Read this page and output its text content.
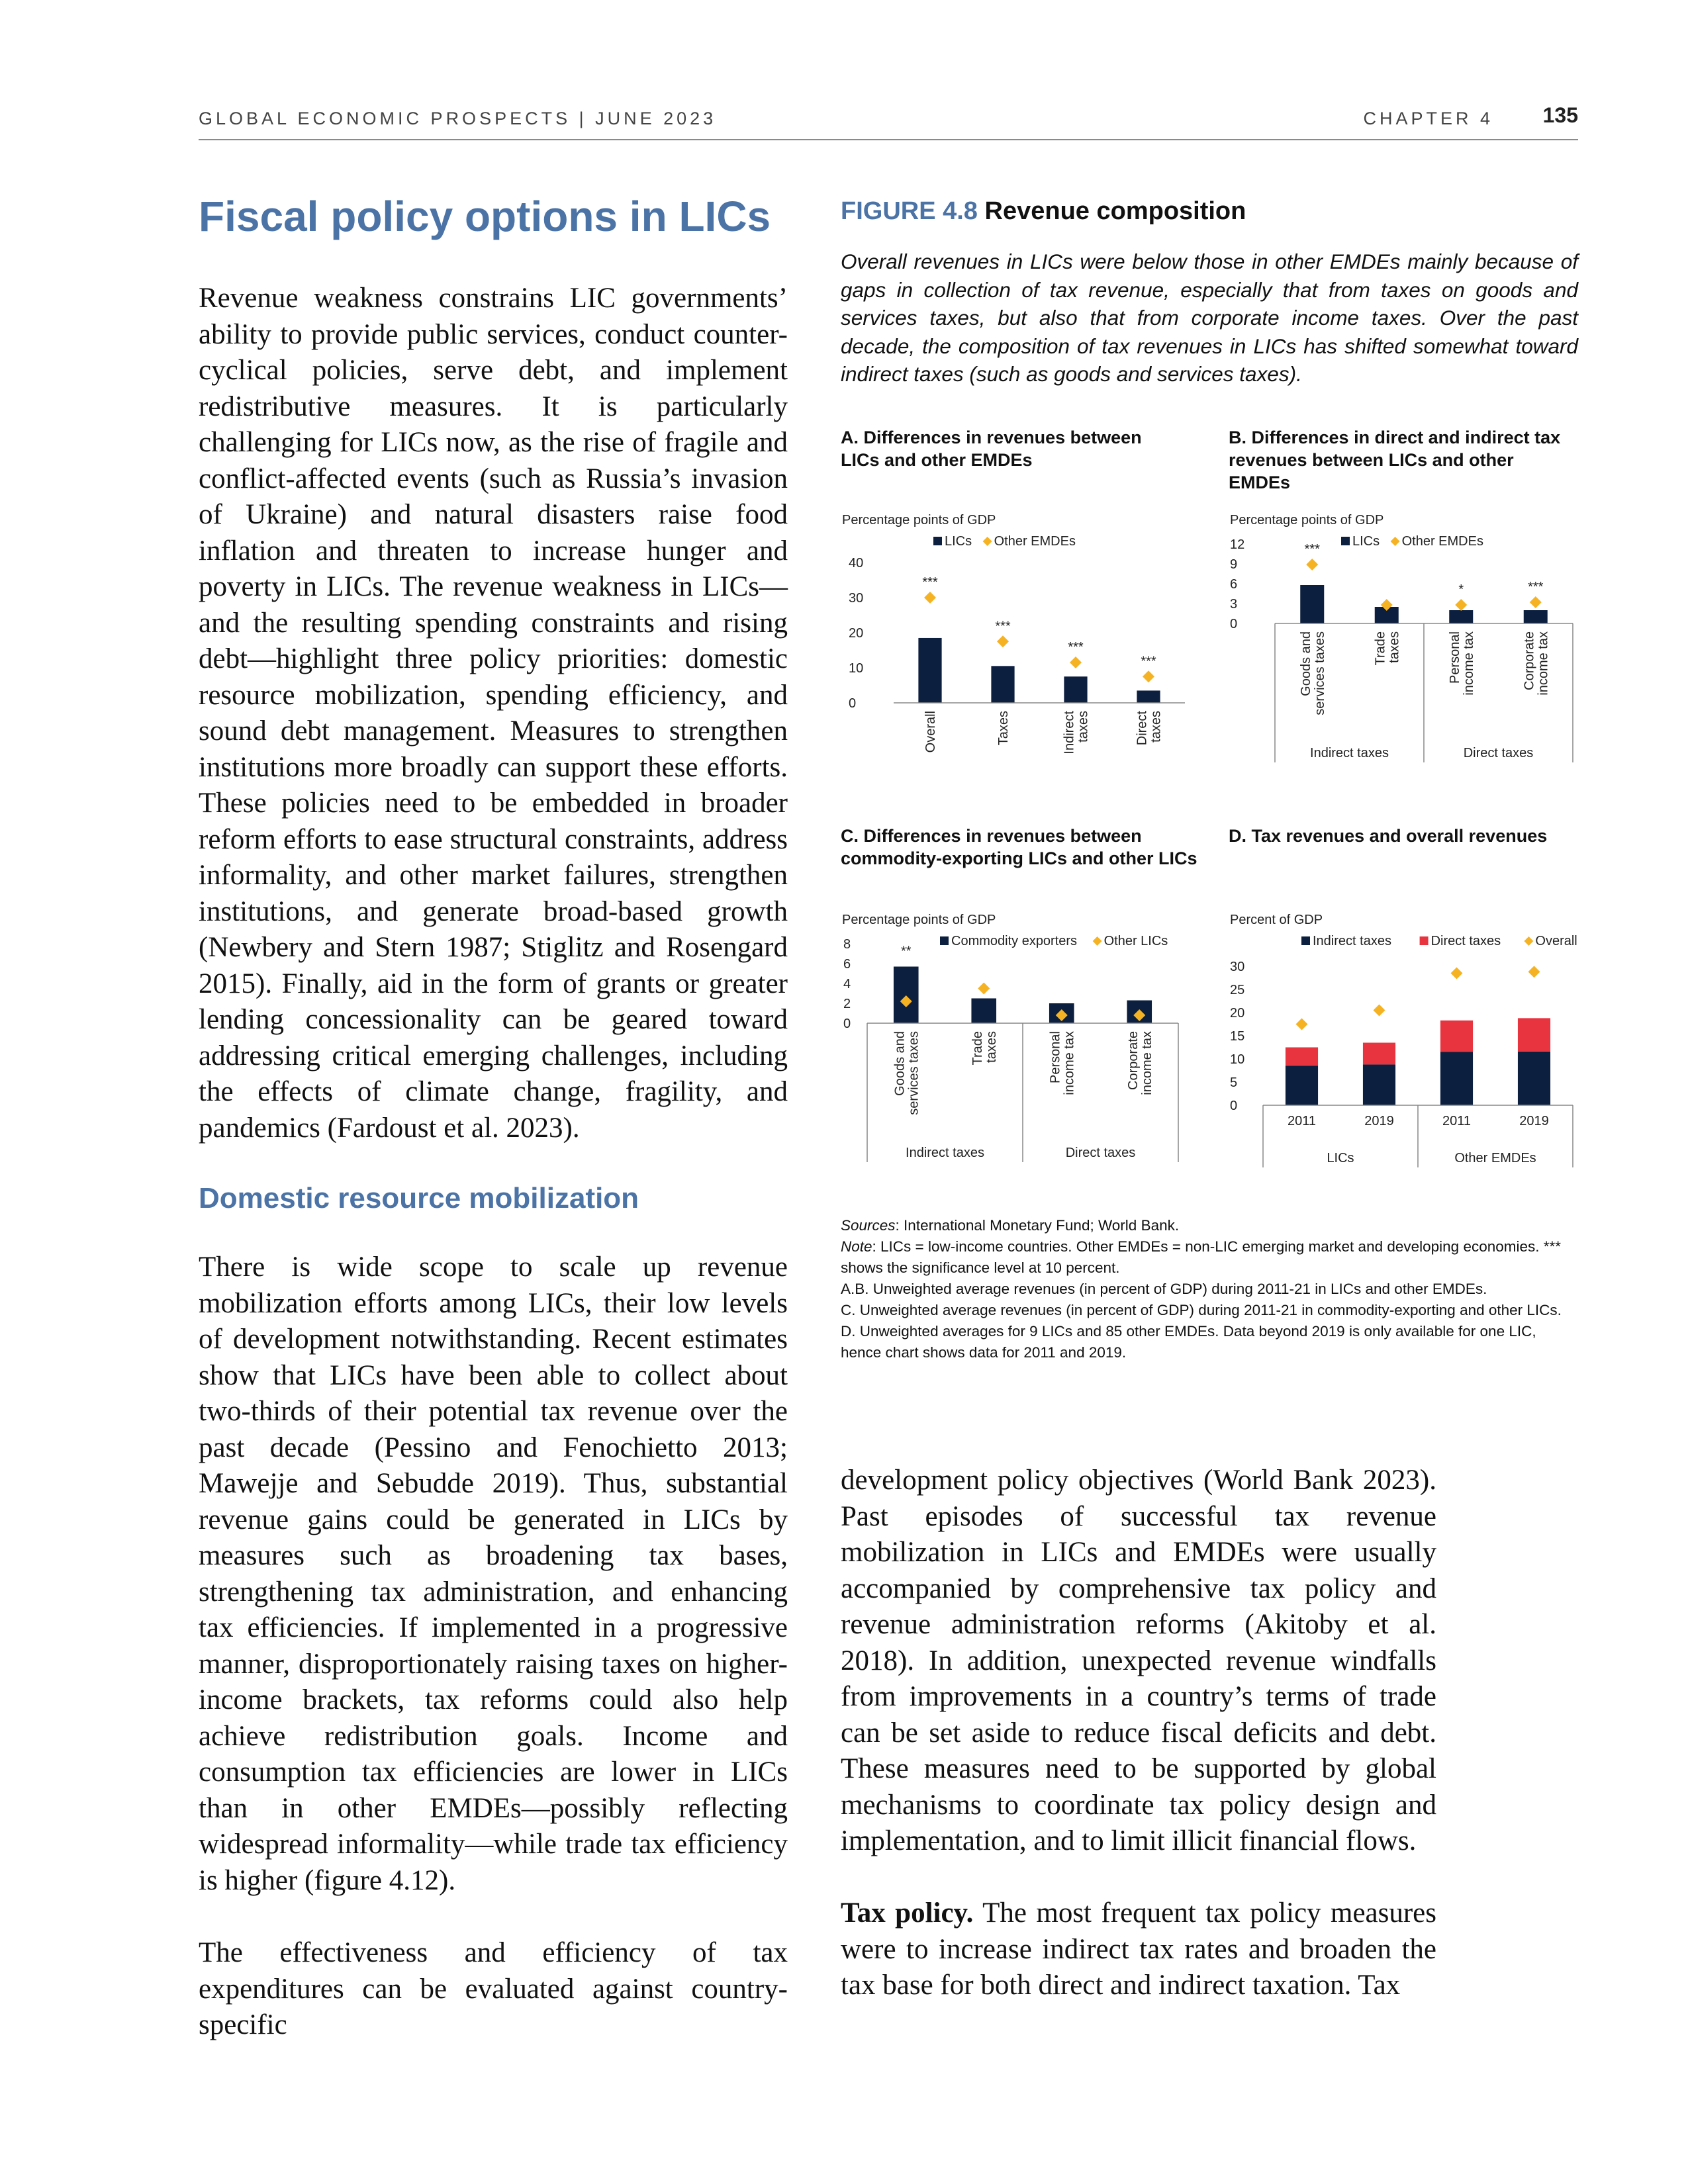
GLOBAL ECONOMIC PROSPECTS | JUNE 2023	CHAPTER 4 135
Fiscal policy options in LICs

Revenue weakness constrains LIC governments’ ability to provide public services, conduct counter-cyclical policies, serve debt, and implement redistributive measures. It is particularly challenging for LICs now, as the rise of fragile and conflict-affected events (such as Russia’s invasion of Ukraine) and natural disasters raise food inflation and threaten to increase hunger and poverty in LICs. The revenue weakness in LICs—and the resulting spending constraints and rising debt—highlight three policy priorities: domestic resource mobilization, spending efficiency, and sound debt management. Measures to strengthen institutions more broadly can support these efforts. These policies need to be embedded in broader reform efforts to ease structural constraints, address informality, and other market failures, strengthen institutions, and generate broad-based growth (Newbery and Stern 1987; Stiglitz and Rosengard 2015). Finally, aid in the form of grants or greater lending concessionality can be geared toward addressing critical emerging challenges, including the effects of climate change, fragility, and pandemics (Fardoust et al. 2023).

Domestic resource mobilization

There is wide scope to scale up revenue mobilization efforts among LICs, their low levels of development notwithstanding. Recent estimates show that LICs have been able to collect about two-thirds of their potential tax revenue over the past decade (Pessino and Fenochietto 2013; Mawejje and Sebudde 2019). Thus, substantial revenue gains could be generated in LICs by measures such as broadening tax bases, strengthening tax administration, and enhancing tax efficiencies. If implemented in a progressive manner, disproportionately raising taxes on higher-income brackets, tax reforms could also help achieve redistribution goals. Income and consumption tax efficiencies are lower in LICs than in other EMDEs—possibly reflecting widespread informality—while trade tax efficiency is higher (figure 4.12).

The effectiveness and efficiency of tax expenditures can be evaluated against country-specific

development policy objectives (World Bank 2023). Past episodes of successful tax revenue mobilization in LICs and EMDEs were usually accompanied by comprehensive tax policy and revenue administration reforms (Akitoby et al. 2018). In addition, unexpected revenue windfalls from improvements in a country’s terms of trade can be set aside to reduce fiscal deficits and debt. These measures need to be supported by global mechanisms to coordinate tax policy design and implementation, and to limit illicit financial flows.

Tax policy. The most frequent tax policy measures were to increase indirect tax rates and broaden the tax base for both direct and indirect taxation. Tax

FIGURE 4.8 Revenue composition

Overall revenues in LICs were below those in other EMDEs mainly because of gaps in collection of tax revenue, especially that from taxes on goods and services taxes, but also that from corporate income taxes. Over the past decade, the composition of tax revenues in LICs has shifted somewhat toward indirect taxes (such as goods and services taxes).

A. Differences in revenues between LICs and other EMDEs

B. Differences in direct and indirect tax revenues between LICs and other EMDEs

C. Differences in revenues between commodity-exporting LICs and other LICs

D. Tax revenues and overall revenues

Percentage points of GDP
LICs Other EMDEs
0
10
20
30
40
***
***
***
***
Overall	Taxes	Indirect taxes	Direct taxes
Percentage points of GDP
LICs Other EMDEs
0
3
6
9
12	***
*	***
Goods and services taxes	Trade taxes	Personal income tax	Corporate income tax
Indirect taxes	Direct taxes
Percentage points of GDP
Commodity exporters Other LICs
0
2
4
6
8	**
Goods and services taxes	Trade taxes	Personal income tax	Corporate income tax
Indirect taxes	Direct taxes
Percent of GDP
Indirect taxes	Direct taxes	Overall
0
5
10
15
20
25
30
2011	2019	2011	2019
LICs	Other EMDEs

Sources: International Monetary Fund; World Bank.

Note: LICs = low-income countries. Other EMDEs = non-LIC emerging market and developing economies. *** shows the significance level at 10 percent.

A.B. Unweighted average revenues (in percent of GDP) during 2011-21 in LICs and other EMDEs.

C. Unweighted average revenues (in percent of GDP) during 2011-21 in commodity-exporting and other LICs.

D. Unweighted averages for 9 LICs and 85 other EMDEs. Data beyond 2019 is only available for one LIC, hence chart shows data for 2011 and 2019.
